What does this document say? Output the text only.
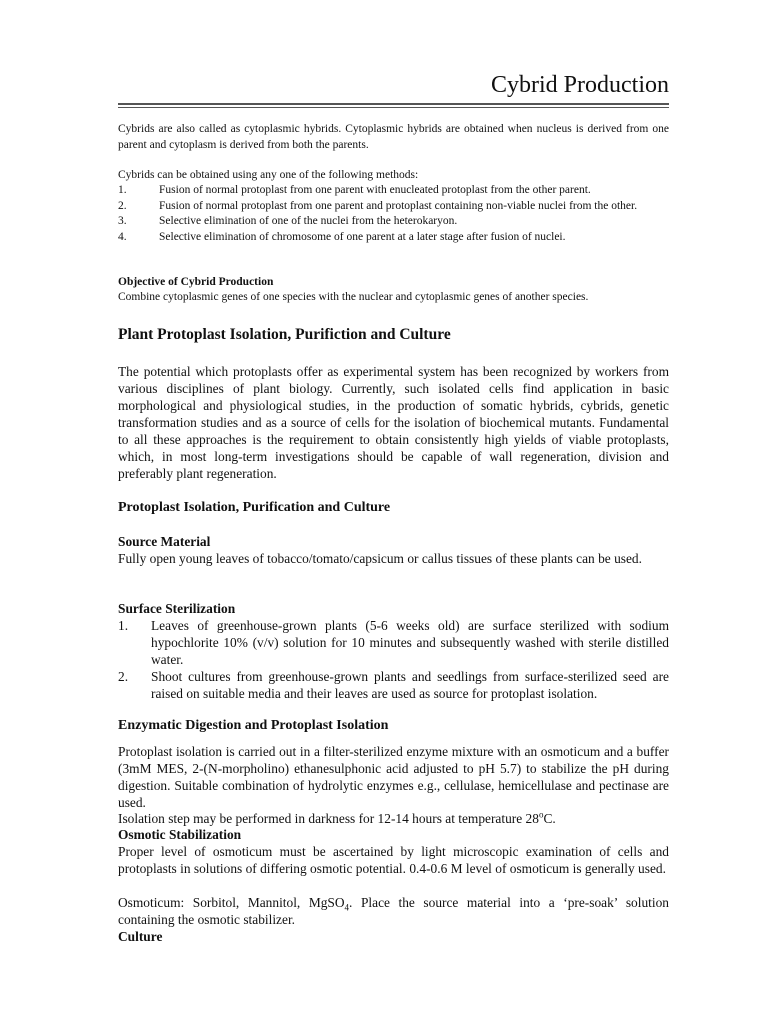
Cybrid Production

Cybrids are also called as cytoplasmic hybrids. Cytoplasmic hybrids are obtained when nucleus is derived from one parent and cytoplasm is derived from both the parents.

Cybrids can be obtained using any one of the following methods:

1.	Fusion of normal protoplast from one parent with enucleated protoplast from the other parent.
2.	Fusion of normal protoplast from one parent and protoplast containing non-viable nuclei from the other.
3.	Selective elimination of one of the nuclei from the heterokaryon.
4.	Selective elimination of chromosome of one parent at a later stage after fusion of nuclei.

Objective of Cybrid Production

Combine cytoplasmic genes of one species with the nuclear and cytoplasmic genes of another species.

Plant Protoplast Isolation, Purifiction and Culture

The potential which protoplasts offer as experimental system has been recognized by workers from various disciplines of plant biology. Currently, such isolated cells find application in basic morphological and physiological studies, in the production of somatic hybrids, cybrids, genetic transformation studies and as a source of cells for the isolation of biochemical mutants. Fundamental to all these approaches is the requirement to obtain consistently high yields of viable protoplasts, which, in most long-term investigations should be capable of wall regeneration, division and preferably plant regeneration.

Protoplast Isolation, Purification and Culture

Source Material

Fully open young leaves of tobacco/tomato/capsicum or callus tissues of these plants can be used.

Surface Sterilization

1.	Leaves of greenhouse-grown plants (5-6 weeks old) are surface sterilized with sodium hypochlorite 10% (v/v) solution for 10 minutes and subsequently washed with sterile distilled water.
2.	Shoot cultures from greenhouse-grown plants and seedlings from surface-sterilized seed are raised on suitable media and their leaves are used as source for protoplast isolation.

Enzymatic Digestion and Protoplast Isolation

Protoplast isolation is carried out in a filter-sterilized enzyme mixture with an osmoticum and a buffer (3mM MES, 2-(N-morpholino) ethanesulphonic acid adjusted to pH 5.7) to stabilize the pH during digestion. Suitable combination of hydrolytic enzymes e.g., cellulase, hemicellulase and pectinase are used.

Isolation step may be performed in darkness for 12-14 hours at temperature 28$^o$C.

Osmotic Stabilization

Proper level of osmoticum must be ascertained by light microscopic examination of cells and protoplasts in solutions of differing osmotic potential. 0.4-0.6 M level of osmoticum is generally used.

Osmoticum: Sorbitol, Mannitol, MgSO$_4$. Place the source material into a ‘pre-soak’ solution containing the osmotic stabilizer.

Culture
